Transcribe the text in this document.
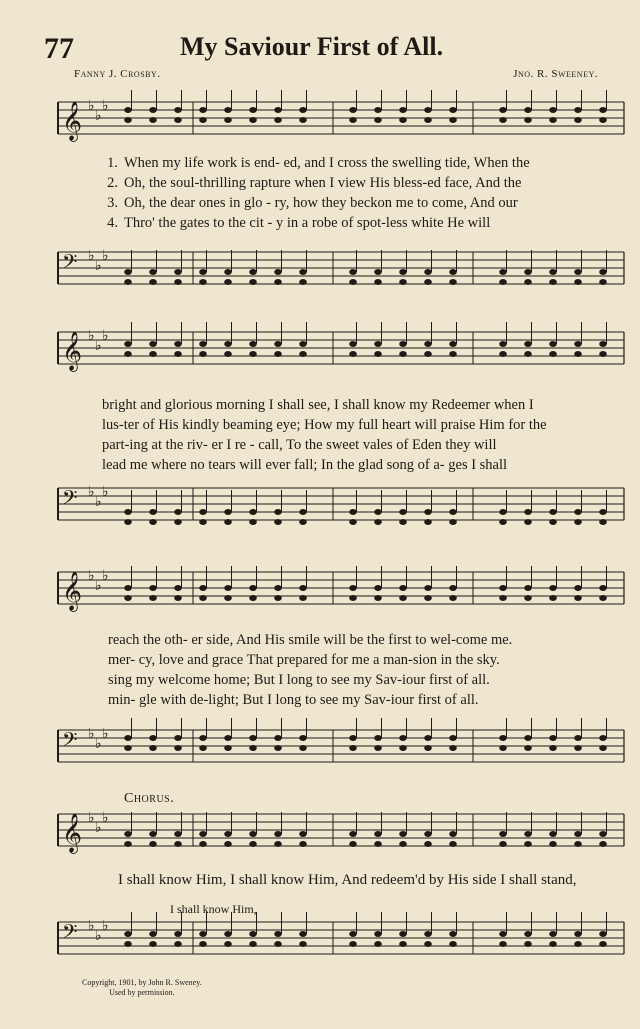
77	My Saviour First of All.
Fanny J. Crosby.	Jno. R. Sweeney.
𝄞 ♭
♭
♭
1. When my life work is end- ed, and I cross the swelling tide, When the
2. Oh, the soul-thrilling rapture when I view His bless-ed face, And the
3. Oh, the dear ones in glo - ry, how they beckon me to come, And our
4. Thro' the gates to the cit - y in a robe of spot-less white He will
𝄢 ♭
♭
♭
𝄞 ♭
♭
♭
bright and glorious morning I shall see, I shall know my Redeemer when I
lus-ter of His kindly beaming eye; How my full heart will praise Him for the
part-ing at the riv- er I re - call, To the sweet vales of Eden they will
lead me where no tears will ever fall; In the glad song of a- ges I shall
𝄢 ♭
♭
♭
𝄞 ♭
♭
♭
reach the oth- er side, And His smile will be the first to wel-come me.
mer- cy, love and grace That prepared for me a man-sion in the sky.
sing my welcome home; But I long to see my Sav-iour first of all.
min- gle with de-light; But I long to see my Sav-iour first of all.
𝄢 ♭
♭
♭
Chorus.
𝄞 ♭
♭
♭
I shall know Him, I shall know Him, And redeem'd by His side I shall stand,
I shall know Him,
𝄢 ♭
♭
♭
Copyright, 1901, by John R. Sweney.
Used by permission.
